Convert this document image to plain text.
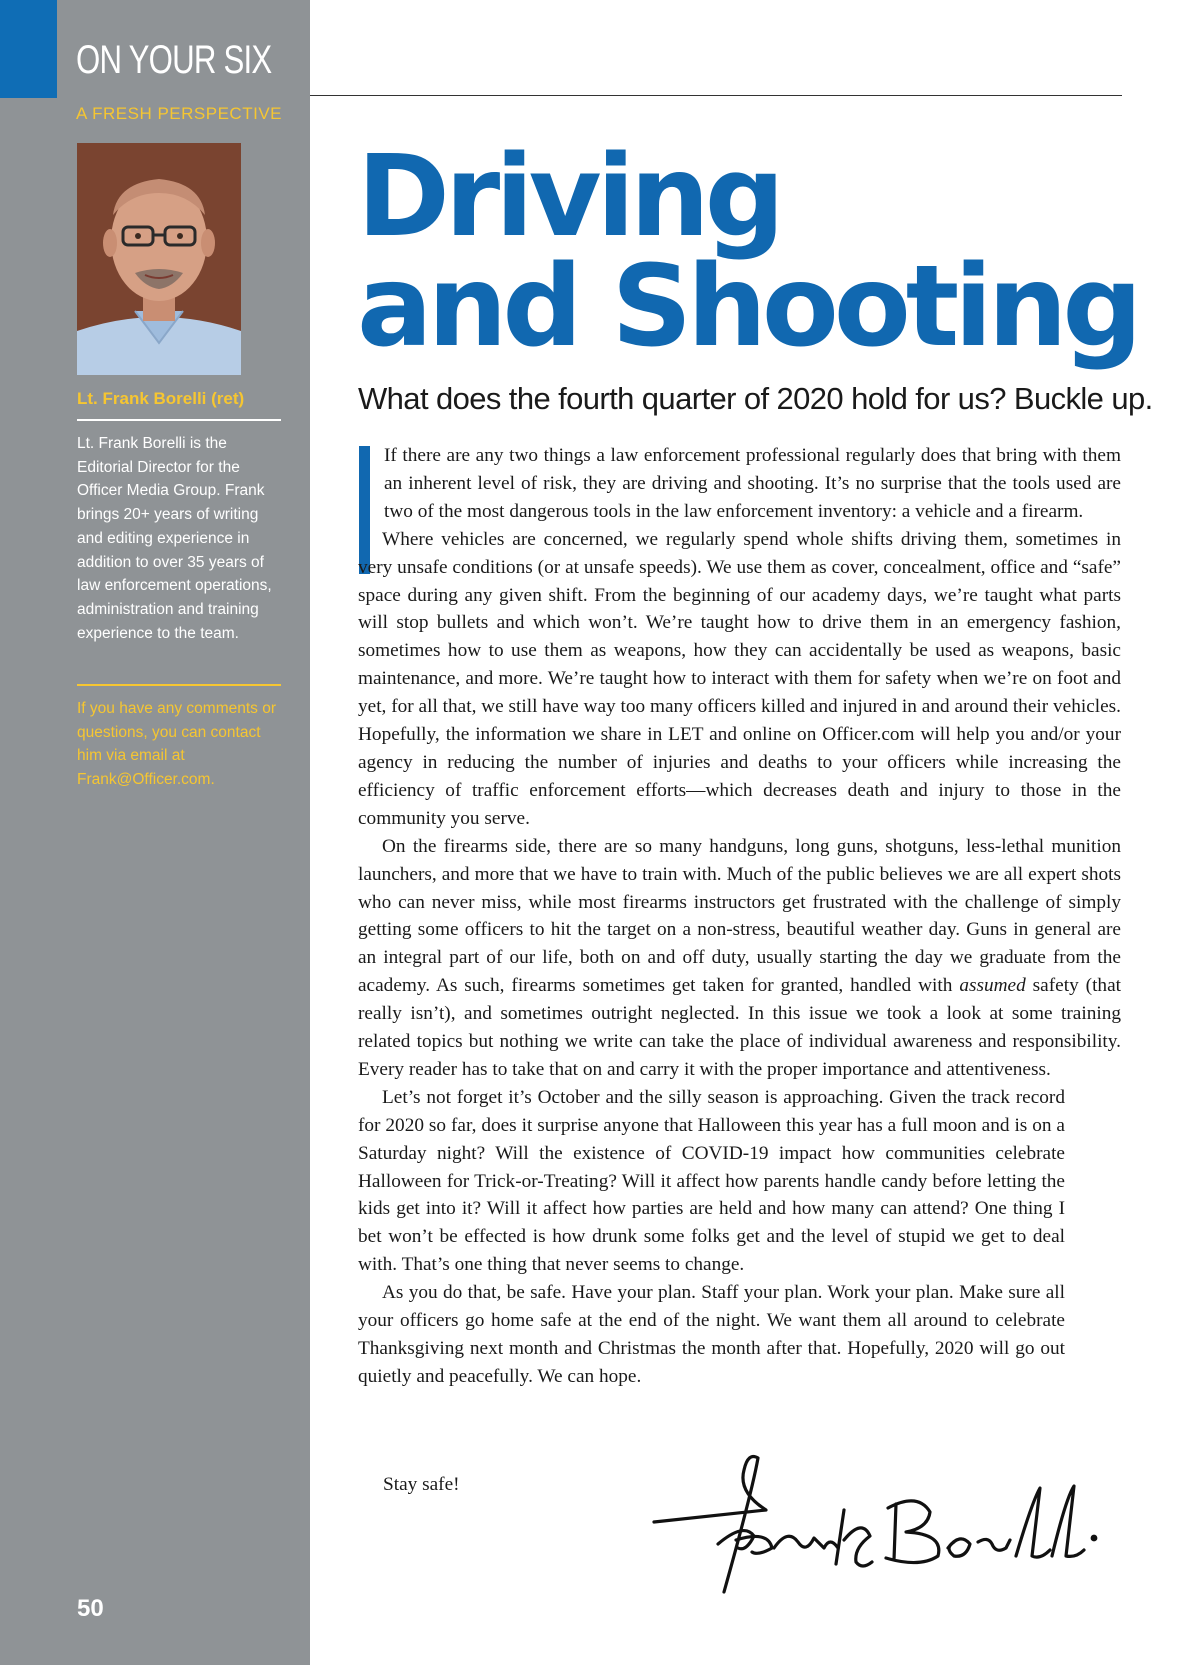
ON YOUR SIX
A FRESH PERSPECTIVE
Lt. Frank Borelli (ret)

Lt. Frank Borelli is the Editorial Director for the Officer Media Group. Frank brings 20+ years of writing and editing experience in addition to over 35 years of law enforcement operations, administration and training experience to the team.

If you have any comments or questions, you can contact him via email at Frank@Officer.com.

50
Driving
and Shooting
What does the fourth quarter of 2020 hold for us? Buckle up.

If there are any two things a law enforcement professional regularly does that bring with them an inherent level of risk, they are driving and shooting. It’s no surprise that the tools used are two of the most dangerous tools in the law enforcement inventory: a vehicle and a firearm.

Where vehicles are concerned, we regularly spend whole shifts driving them, sometimes in very unsafe conditions (or at unsafe speeds). We use them as cover, concealment, office and “safe” space during any given shift. From the beginning of our academy days, we’re taught what parts will stop bullets and which won’t. We’re taught how to drive them in an emergency fashion, sometimes how to use them as weapons, how they can accidentally be used as weapons, basic maintenance, and more. We’re taught how to interact with them for safety when we’re on foot and yet, for all that, we still have way too many officers killed and injured in and around their vehicles. Hopefully, the information we share in LET and online on Officer.com will help you and/or your agency in reducing the number of injuries and deaths to your officers while increasing the efficiency of traffic enforcement efforts—which decreases death and injury to those in the community you serve.

On the firearms side, there are so many handguns, long guns, shotguns, less-lethal munition launchers, and more that we have to train with. Much of the public believes we are all expert shots who can never miss, while most firearms instructors get frustrated with the challenge of simply getting some officers to hit the target on a non-stress, beautiful weather day. Guns in general are an integral part of our life, both on and off duty, usually starting the day we graduate from the academy. As such, firearms sometimes get taken for granted, handled with assumed safety (that really isn’t), and sometimes outright neglected. In this issue we took a look at some training related topics but nothing we write can take the place of individual awareness and responsibility. Every reader has to take that on and carry it with the proper importance and attentiveness.

Let’s not forget it’s October and the silly season is approaching. Given the track record for 2020 so far, does it surprise anyone that Halloween this year has a full moon and is on a Saturday night? Will the existence of COVID-19 impact how communities celebrate Halloween for Trick-or-Treating? Will it affect how parents handle candy before letting the kids get into it? Will it affect how parties are held and how many can attend? One thing I bet won’t be effected is how drunk some folks get and the level of stupid we get to deal with. That’s one thing that never seems to change.

As you do that, be safe. Have your plan. Staff your plan. Work your plan. Make sure all your officers go home safe at the end of the night. We want them all around to celebrate Thanksgiving next month and Christmas the month after that. Hopefully, 2020 will go out quietly and peacefully. We can hope.

Stay safe!
